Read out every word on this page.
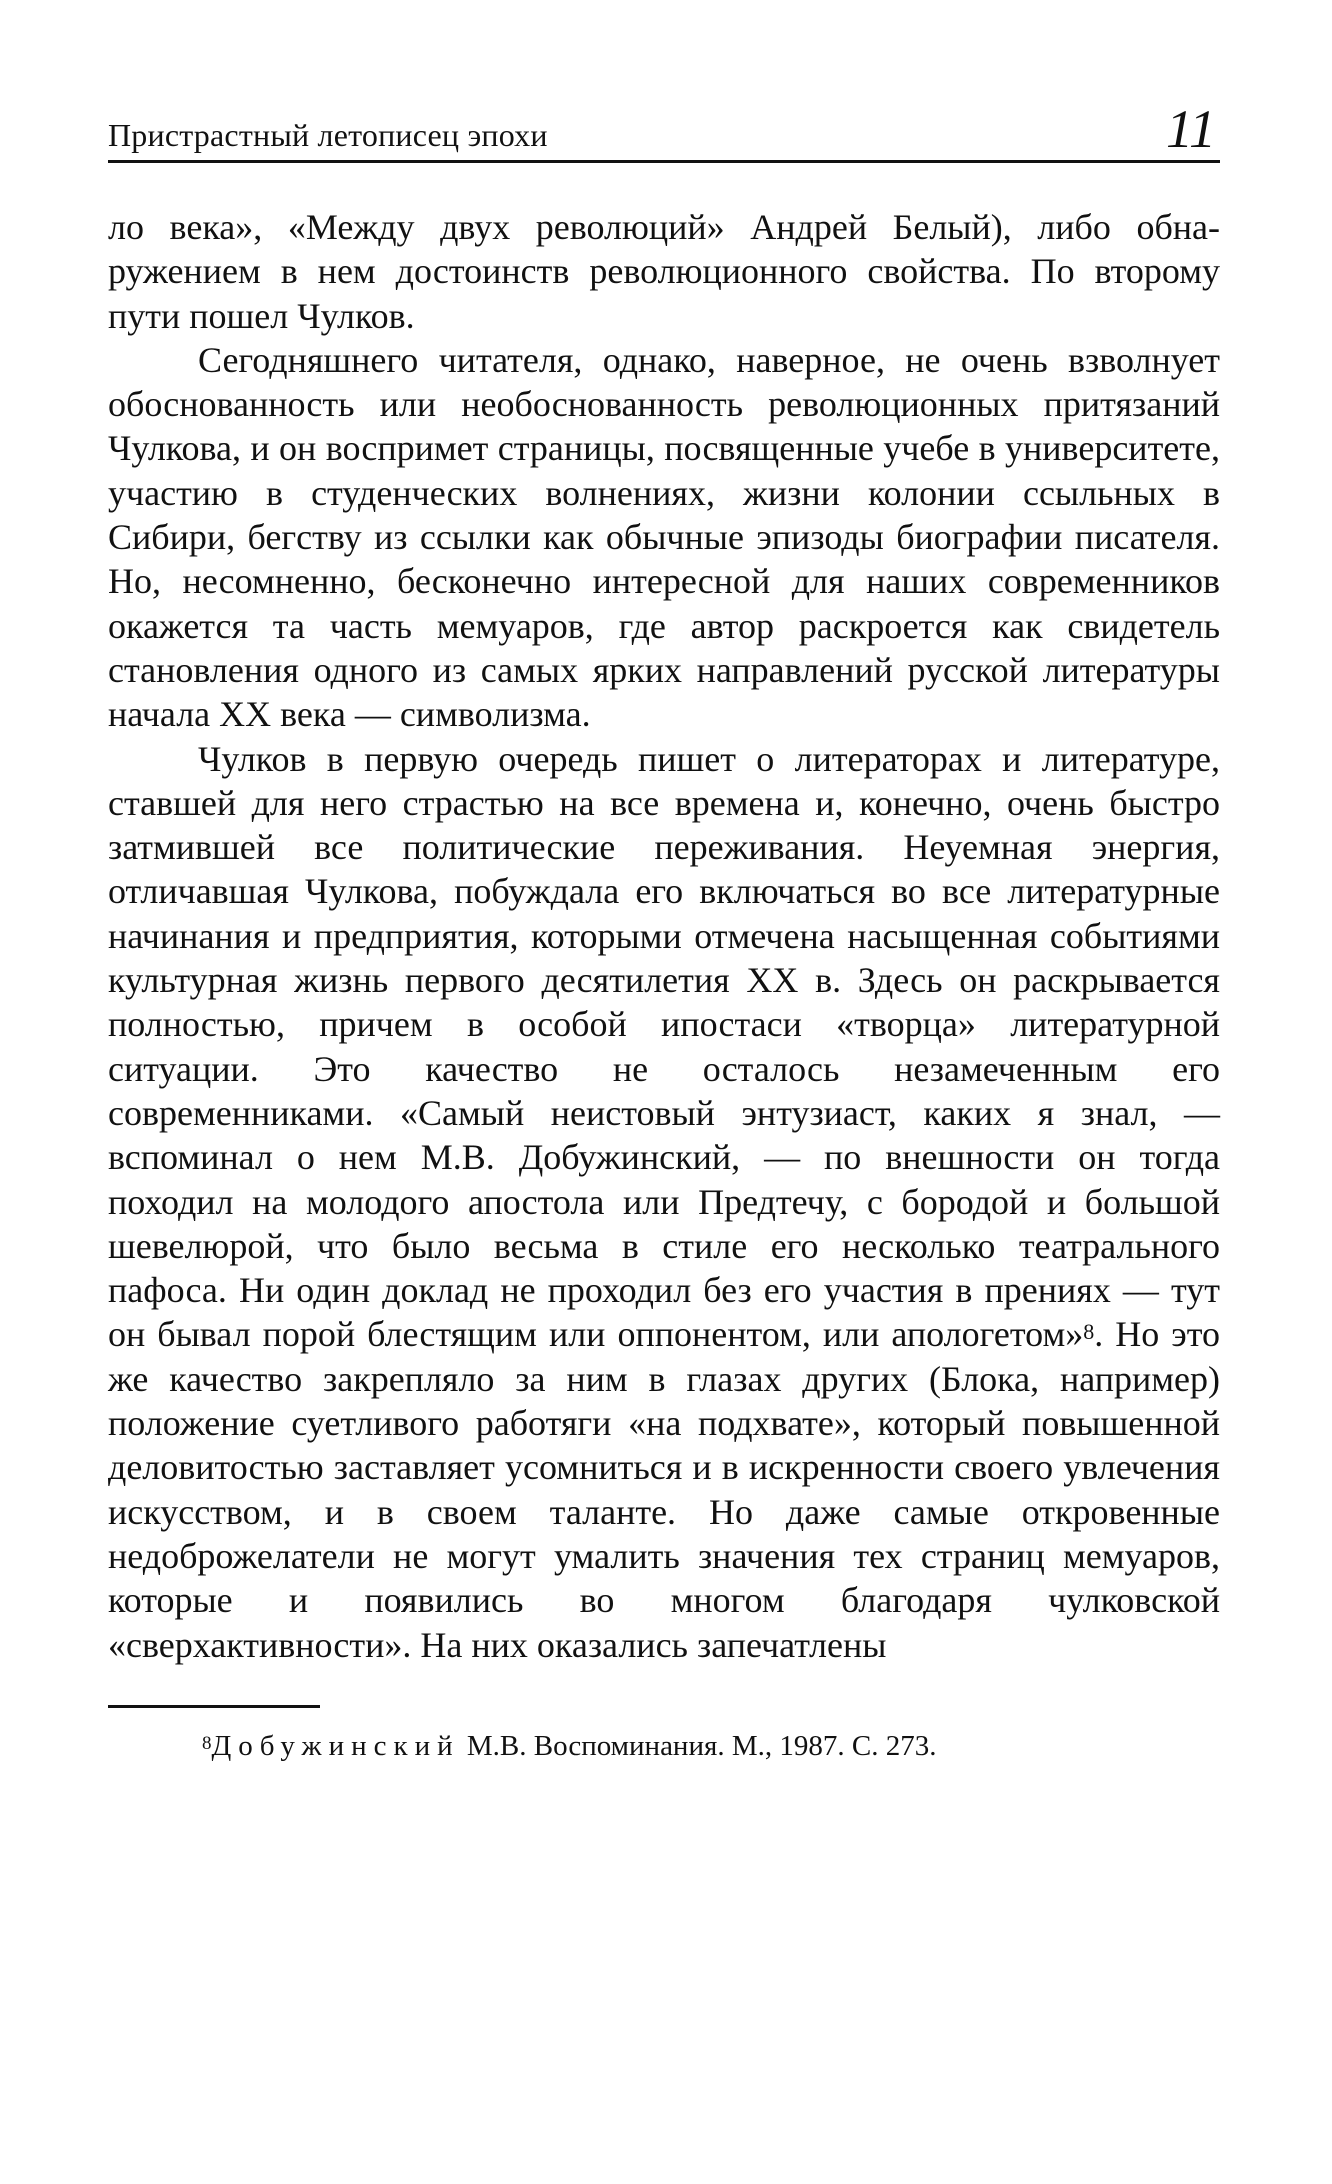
Пристрастный летописец эпохи	11

ло века», «Между двух революций» Андрей Белый), либо обнаружением в нем достоинств революционного свойства. По второму пути пошел Чулков.

Сегодняшнего читателя, однако, наверное, не очень взволнует обоснованность или необоснованность революционных притязаний Чулкова, и он воспримет страницы, посвященные учебе в университете, участию в студенческих волнениях, жизни колонии ссыльных в Сибири, бегству из ссылки как обычные эпизоды биографии писателя. Но, несомненно, бесконечно интересной для наших современников окажется та часть мемуаров, где автор раскроется как свидетель становления одного из самых ярких направлений русской литературы начала XX века — символизма.

Чулков в первую очередь пишет о литераторах и литературе, ставшей для него страстью на все времена и, конечно, очень быстро затмившей все политические переживания. Неуемная энергия, отличавшая Чулкова, побуждала его включаться во все литературные начинания и предприятия, которыми отмечена насыщенная событиями культурная жизнь первого десятилетия XX в. Здесь он раскрывается полностью, причем в особой ипостаси «творца» литературной ситуации. Это качество не осталось незамеченным его современниками. «Самый неистовый энтузиаст, каких я знал, — вспоминал о нем М.В. Добужинский, — по внешности он тогда походил на молодого апостола или Предтечу, с бородой и большой шевелюрой, что было весьма в стиле его несколько театрального пафоса. Ни один доклад не проходил без его участия в прениях — тут он бывал порой блестящим или оппонентом, или апологетом»$^8$. Но это же качество закрепляло за ним в глазах других (Блока, например) положение суетливого работяги «на подхвате», который повышенной деловитостью заставляет усомниться и в искренности своего увлечения искусством, и в своем таланте. Но даже самые откровенные недоброжелатели не могут умалить значения тех страниц мемуаров, которые и появились во многом благодаря чулковской «сверхактивности». На них оказались запечатлены

$^8$Добужинский М.В. Воспоминания. М., 1987. С. 273.
